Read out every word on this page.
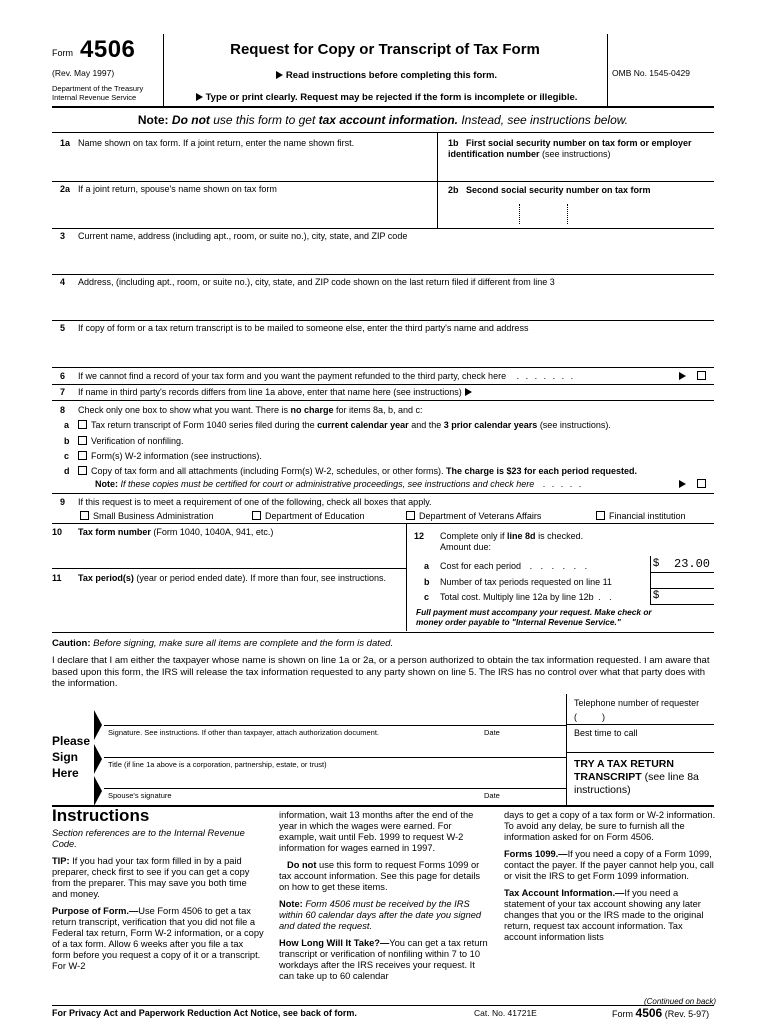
Form 4506
(Rev. May 1997)
Department of the Treasury
Internal Revenue Service
Request for Copy or Transcript of Tax Form
Read instructions before completing this form.
Type or print clearly. Request may be rejected if the form is incomplete or illegible.
OMB No. 1545-0429
Note: Do not use this form to get tax account information. Instead, see instructions below.
1a Name shown on tax form. If a joint return, enter the name shown first.	1b First social security number on tax form or employer identification number (see instructions)
2a If a joint return, spouse's name shown on tax form	2b Second social security number on tax form
3 Current name, address (including apt., room, or suite no.), city, state, and ZIP code
4 Address, (including apt., room, or suite no.), city, state, and ZIP code shown on the last return filed if different from line 3
5 If copy of form or a tax return transcript is to be mailed to someone else, enter the third party's name and address
6 If we cannot find a record of your tax form and you want the payment refunded to the third party, check here . . . . . . .
7 If name in third party's records differs from line 1a above, enter that name here (see instructions)
8 Check only one box to show what you want. There is no charge for items 8a, b, and c:
a Tax return transcript of Form 1040 series filed during the current calendar year and the 3 prior calendar years (see instructions).
b Verification of nonfiling.
c Form(s) W-2 information (see instructions).
d Copy of tax form and all attachments (including Form(s) W-2, schedules, or other forms). The charge is $23 for each period requested.
Note: If these copies must be certified for court or administrative proceedings, see instructions and check here . . . . .
9 If this request is to meet a requirement of one of the following, check all boxes that apply.
Small Business Administration	Department of Education	Department of Veterans Affairs	Financial institution
10 Tax form number (Form 1040, 1040A, 941, etc.)
11 Tax period(s) (year or period ended date). If more than four, see instructions.
12 Complete only if line 8d is checked.
Amount due:
a Cost for each period . . . . . .	$ 23.00
b Number of tax periods requested on line 11
c Total cost. Multiply line 12a by line 12b . .	$
Full payment must accompany your request. Make check or money order payable to "Internal Revenue Service."
Caution: Before signing, make sure all items are complete and the form is dated.
I declare that I am either the taxpayer whose name is shown on line 1a or 2a, or a person authorized to obtain the tax information requested. I am aware that based upon this form, the IRS will release the tax information requested to any party shown on line 5. The IRS has no control over what that party does with the information.
Please
Sign
Here
Signature. See instructions. If other than taxpayer, attach authorization document.	Date
Title (if line 1a above is a corporation, partnership, estate, or trust)
Spouse's signature	Date
Telephone number of requester
(          )
Best time to call
TRY A TAX RETURN
TRANSCRIPT (see line 8a instructions)
Instructions

Section references are to the Internal Revenue Code.

TIP: If you had your tax form filled in by a paid preparer, check first to see if you can get a copy from the preparer. This may save you both time and money.

Purpose of Form.—Use Form 4506 to get a tax return transcript, verification that you did not file a Federal tax return, Form W-2 information, or a copy of a tax form. Allow 6 weeks after you file a tax form before you request a copy of it or a transcript. For W-2

information, wait 13 months after the end of the year in which the wages were earned. For example, wait until Feb. 1999 to request W-2 information for wages earned in 1997.

Do not use this form to request Forms 1099 or tax account information. See this page for details on how to get these items.

Note: Form 4506 must be received by the IRS within 60 calendar days after the date you signed and dated the request.

How Long Will It Take?—You can get a tax return transcript or verification of nonfiling within 7 to 10 workdays after the IRS receives your request. It can take up to 60 calendar

days to get a copy of a tax form or W-2 information. To avoid any delay, be sure to furnish all the information asked for on Form 4506.

Forms 1099.—If you need a copy of a Form 1099, contact the payer. If the payer cannot help you, call or visit the IRS to get Form 1099 information.

Tax Account Information.—If you need a statement of your tax account showing any later changes that you or the IRS made to the original return, request tax account information. Tax account information lists

(Continued on back)
For Privacy Act and Paperwork Reduction Act Notice, see back of form.	Cat. No. 41721E	Form 4506 (Rev. 5-97)
